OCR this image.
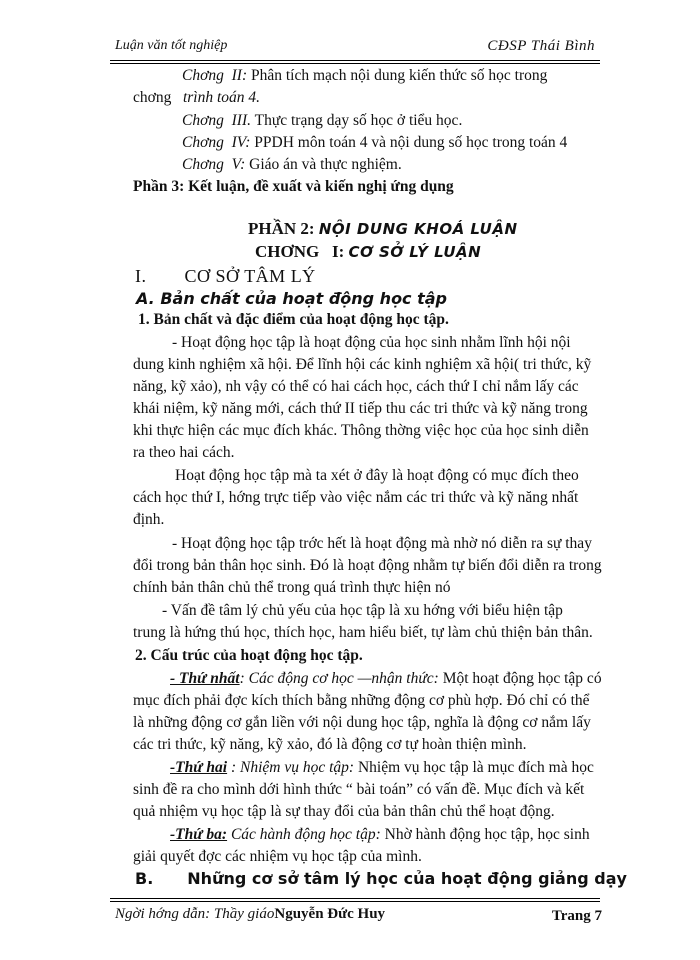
Luận văn tốt nghiệp	CĐSP Thái Bình
Chơng II: Phân tích mạch nội dung kiến thức số học trong
chơng trình toán 4.
Chơng III. Thực trạng dạy số học ở tiểu học.
Chơng IV: PPDH môn toán 4 và nội dung số học trong toán 4
Chơng V: Giáo án và thực nghiệm.
Phần 3: Kết luận, đề xuất và kiến nghị ứng dụng
PHẦN 2: NỘI DUNG KHOÁ LUẬN
CHƠNG I: CƠ SỞ LÝ LUẬN
I. CƠ SỞ TÂM LÝ
A. Bản chất của hoạt động học tập
1. Bản chất và đặc điểm của hoạt động học tập.
- Hoạt động học tập là hoạt động của học sinh nhằm lĩnh hội nội
dung kinh nghiệm xã hội. Để lĩnh hội các kinh nghiệm xã hội( tri thức, kỹ
năng, kỹ xảo), nh vậy có thể có hai cách học, cách thứ I chỉ nắm lấy các
khái niệm, kỹ năng mới, cách thứ II tiếp thu các tri thức và kỹ năng trong
khi thực hiện các mục đích khác. Thông thờng việc học của học sinh diễn
ra theo hai cách.
Hoạt động học tập mà ta xét ở đây là hoạt động có mục đích theo
cách học thứ I, hớng trực tiếp vào việc nắm các tri thức và kỹ năng nhất
định.
- Hoạt động học tập trớc hết là hoạt động mà nhờ nó diễn ra sự thay
đổi trong bản thân học sinh. Đó là hoạt động nhằm tự biến đổi diễn ra trong
chính bản thân chủ thể trong quá trình thực hiện nó
- Vấn đề tâm lý chủ yếu của học tập là xu hớng với biểu hiện tập
trung là hứng thú học, thích học, ham hiểu biết, tự làm chủ thiện bản thân.
2. Cấu trúc của hoạt động học tập.
- Thứ nhất: Các động cơ học —nhận thức: Một hoạt động học tập có
mục đích phải đợc kích thích bằng những động cơ phù hợp. Đó chỉ có thể
là những động cơ gắn liền với nội dung học tập, nghĩa là động cơ nắm lấy
các tri thức, kỹ năng, kỹ xảo, đó là động cơ tự hoàn thiện mình.
-Thứ hai : Nhiệm vụ học tập: Nhiệm vụ học tập là mục đích mà học
sinh đề ra cho mình dới hình thức “ bài toán” có vấn đề. Mục đích và kết
quả nhiệm vụ học tập là sự thay đổi của bản thân chủ thể hoạt động.
-Thứ ba: Các hành động học tập: Nhờ hành động học tập, học sinh
giải quyết đợc các nhiệm vụ học tập của mình.
B. Những cơ sở tâm lý học của hoạt động giảng dạy
Ngời hớng dẫn: Thầy giáoNguyễn Đức Huy	Trang 7
